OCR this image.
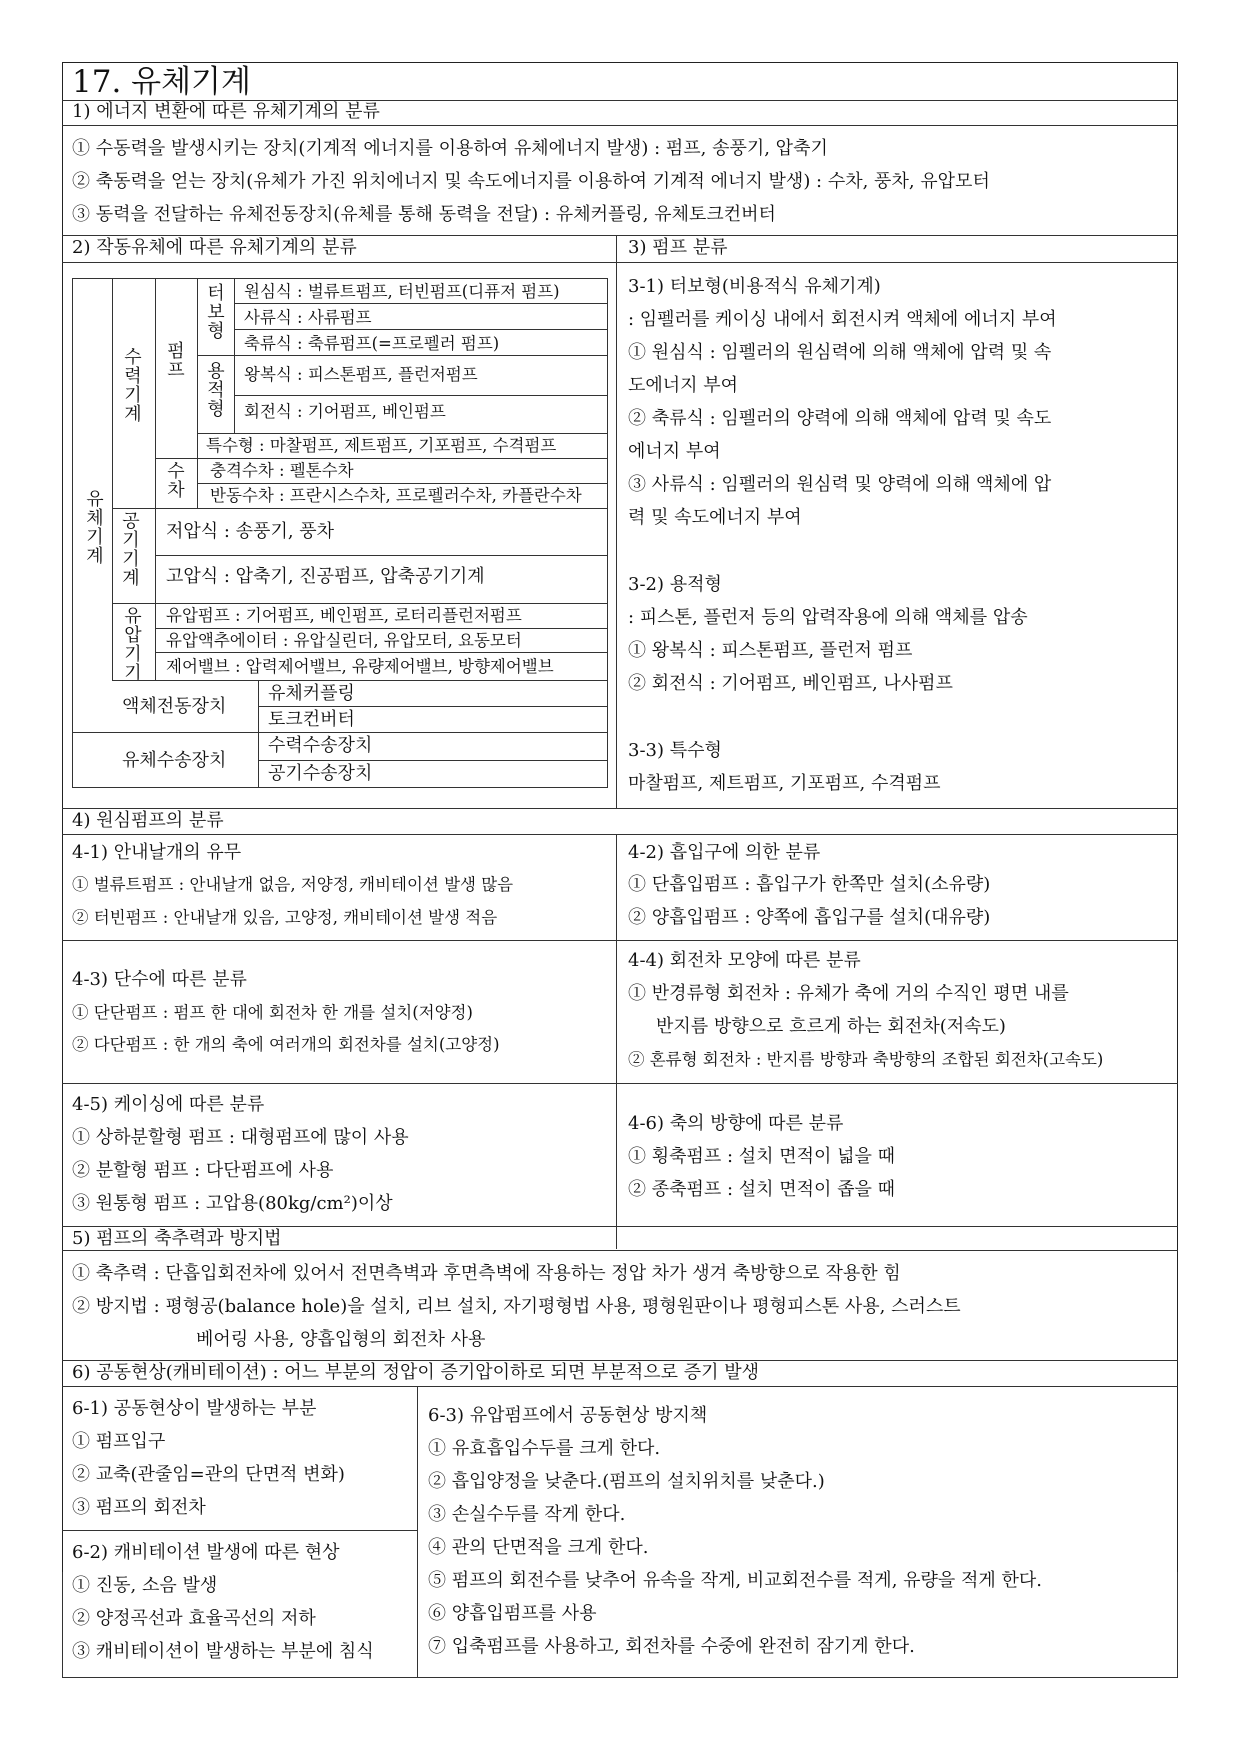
17. 유체기계
1) 에너지 변환에 따른 유체기계의 분류
① 수동력을 발생시키는 장치(기계적 에너지를 이용하여 유체에너지 발생) : 펌프, 송풍기, 압축기
② 축동력을 얻는 장치(유체가 가진 위치에너지 및 속도에너지를 이용하여 기계적 에너지 발생) : 수차, 풍차, 유압모터
③ 동력을 전달하는 유체전동장치(유체를 통해 동력을 전달) : 유체커플링, 유체토크컨버터
2) 작동유체에 따른 유체기계의 분류	3) 펌프 분류
유체기계
수력기계
펌프
터보형
용적형
원심식 : 벌류트펌프, 터빈펌프(디퓨저 펌프)
사류식 : 사류펌프
축류식 : 축류펌프(=프로펠러 펌프)
왕복식 : 피스톤펌프, 플런저펌프
회전식 : 기어펌프, 베인펌프
특수형 : 마찰펌프, 제트펌프, 기포펌프, 수격펌프
수차
충격수차 : 펠톤수차
반동수차 : 프란시스수차, 프로펠러수차, 카플란수차
공기기계
저압식 : 송풍기, 풍차
고압식 : 압축기, 진공펌프, 압축공기기계
유압기기
유압펌프 : 기어펌프, 베인펌프, 로터리플런저펌프
유압액추에이터 : 유압실린더, 유압모터, 요동모터
제어밸브 : 압력제어밸브, 유량제어밸브, 방향제어밸브
액체전동장치
유체커플링
토크컨버터
유체수송장치
수력수송장치
공기수송장치
3-1) 터보형(비용적식 유체기계)
: 임펠러를 케이싱 내에서 회전시켜 액체에 에너지 부여
① 원심식 : 임펠러의 원심력에 의해 액체에 압력 및 속
도에너지 부여
② 축류식 : 임펠러의 양력에 의해 액체에 압력 및 속도
에너지 부여
③ 사류식 : 임펠러의 원심력 및 양력에 의해 액체에 압
력 및 속도에너지 부여
3-2) 용적형
: 피스톤, 플런저 등의 압력작용에 의해 액체를 압송
① 왕복식 : 피스톤펌프, 플런저 펌프
② 회전식 : 기어펌프, 베인펌프, 나사펌프
3-3) 특수형
마찰펌프, 제트펌프, 기포펌프, 수격펌프
4) 원심펌프의 분류
4-1) 안내날개의 유무
① 벌류트펌프 : 안내날개 없음, 저양정, 캐비테이션 발생 많음
② 터빈펌프 : 안내날개 있음, 고양정, 캐비테이션 발생 적음
4-2) 흡입구에 의한 분류
① 단흡입펌프 : 흡입구가 한쪽만 설치(소유량)
② 양흡입펌프 : 양쪽에 흡입구를 설치(대유량)
4-3) 단수에 따른 분류
① 단단펌프 : 펌프 한 대에 회전차 한 개를 설치(저양정)
② 다단펌프 : 한 개의 축에 여러개의 회전차를 설치(고양정)
4-4) 회전차 모양에 따른 분류
① 반경류형 회전차 : 유체가 축에 거의 수직인 평면 내를
반지름 방향으로 흐르게 하는 회전차(저속도)
② 혼류형 회전차 : 반지름 방향과 축방향의 조합된 회전차(고속도)
4-5) 케이싱에 따른 분류
① 상하분할형 펌프 : 대형펌프에 많이 사용
② 분할형 펌프 : 다단펌프에 사용
③ 원통형 펌프 : 고압용(80kg/cm²)이상
4-6) 축의 방향에 따른 분류
① 횡축펌프 : 설치 면적이 넓을 때
② 종축펌프 : 설치 면적이 좁을 때
5) 펌프의 축추력과 방지법
① 축추력 : 단흡입회전차에 있어서 전면측벽과 후면측벽에 작용하는 정압 차가 생겨 축방향으로 작용한 힘
② 방지법 : 평형공(balance hole)을 설치, 리브 설치, 자기평형법 사용, 평형원판이나 평형피스톤 사용, 스러스트
베어링 사용, 양흡입형의 회전차 사용
6) 공동현상(캐비테이션) : 어느 부분의 정압이 증기압이하로 되면 부분적으로 증기 발생
6-1) 공동현상이 발생하는 부분
① 펌프입구
② 교축(관줄임=관의 단면적 변화)
③ 펌프의 회전차
6-2) 캐비테이션 발생에 따른 현상
6-3) 유압펌프에서 공동현상 방지책
① 유효흡입수두를 크게 한다.
② 흡입양정을 낮춘다.(펌프의 설치위치를 낮춘다.)
③ 손실수두를 작게 한다.
④ 관의 단면적을 크게 한다.
① 진동, 소음 발생
② 양정곡선과 효율곡선의 저하
③ 캐비테이션이 발생하는 부분에 침식
⑤ 펌프의 회전수를 낮추어 유속을 작게, 비교회전수를 적게, 유량을 적게 한다.
⑥ 양흡입펌프를 사용
⑦ 입축펌프를 사용하고, 회전차를 수중에 완전히 잠기게 한다.
